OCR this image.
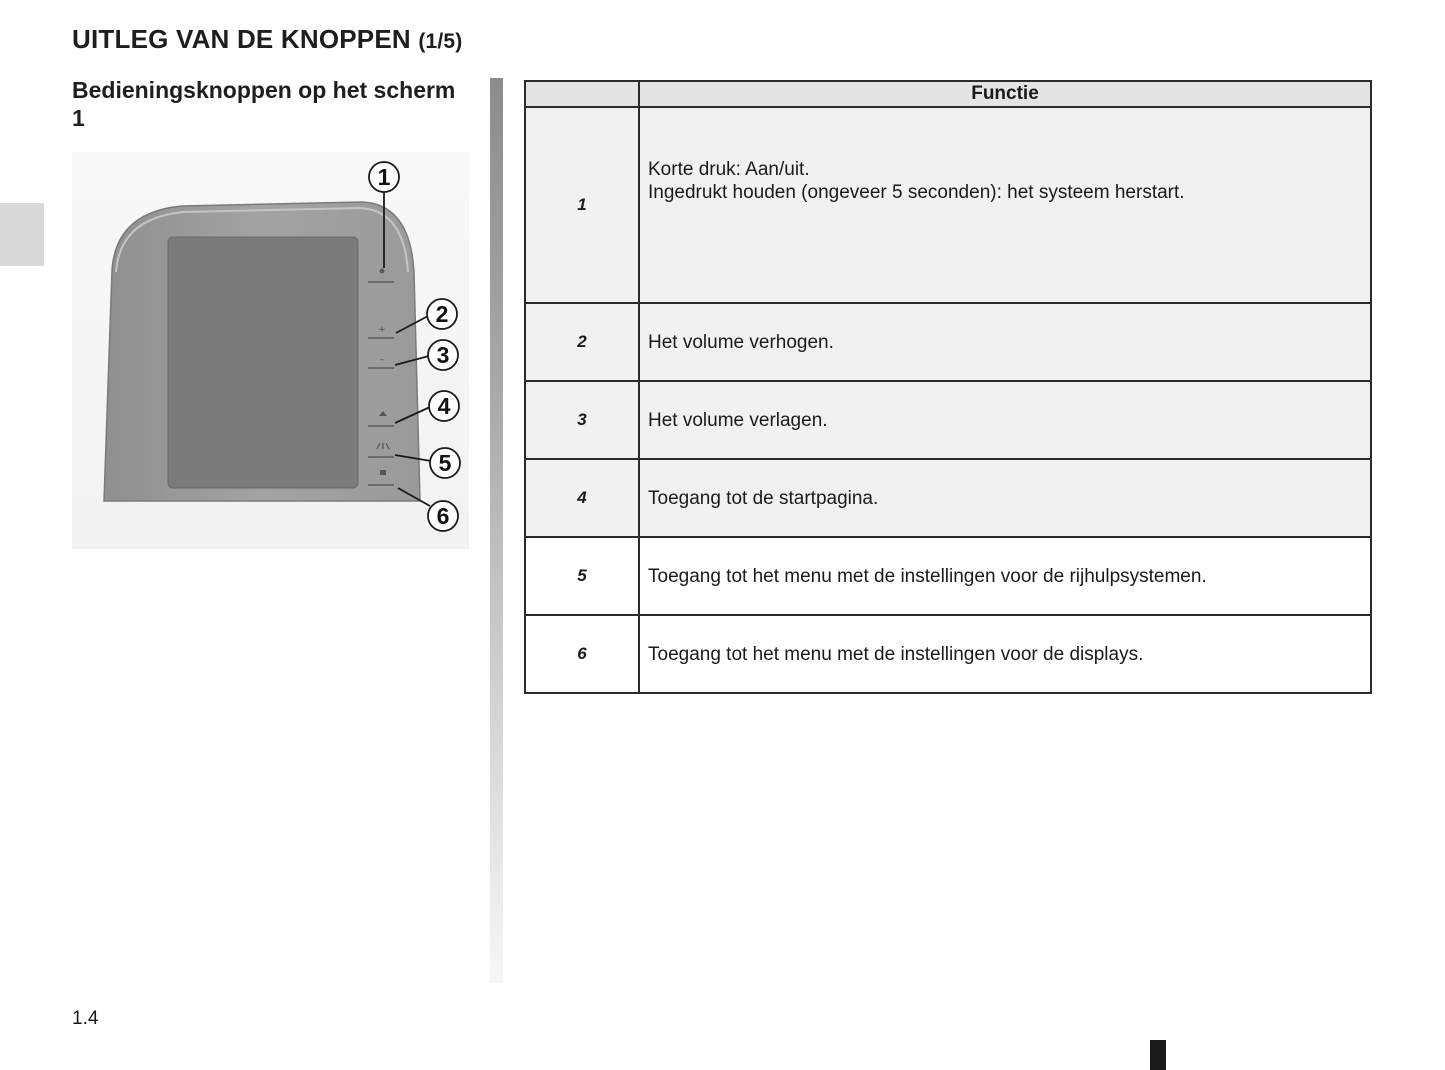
UITLEG VAN DE KNOPPEN (1/5)
Bedieningsknoppen op het scherm 1
1
2
3
4
5
6
+
–
	Functie
1	Korte druk: Aan/uit.
Ingedrukt houden (ongeveer 5 seconden): het systeem herstart.

2	Het volume verhogen.
3	Het volume verlagen.
4	Toegang tot de startpagina.
5	Toegang tot het menu met de instellingen voor de rijhulpsystemen.
6	Toegang tot het menu met de instellingen voor de displays.
1.4
